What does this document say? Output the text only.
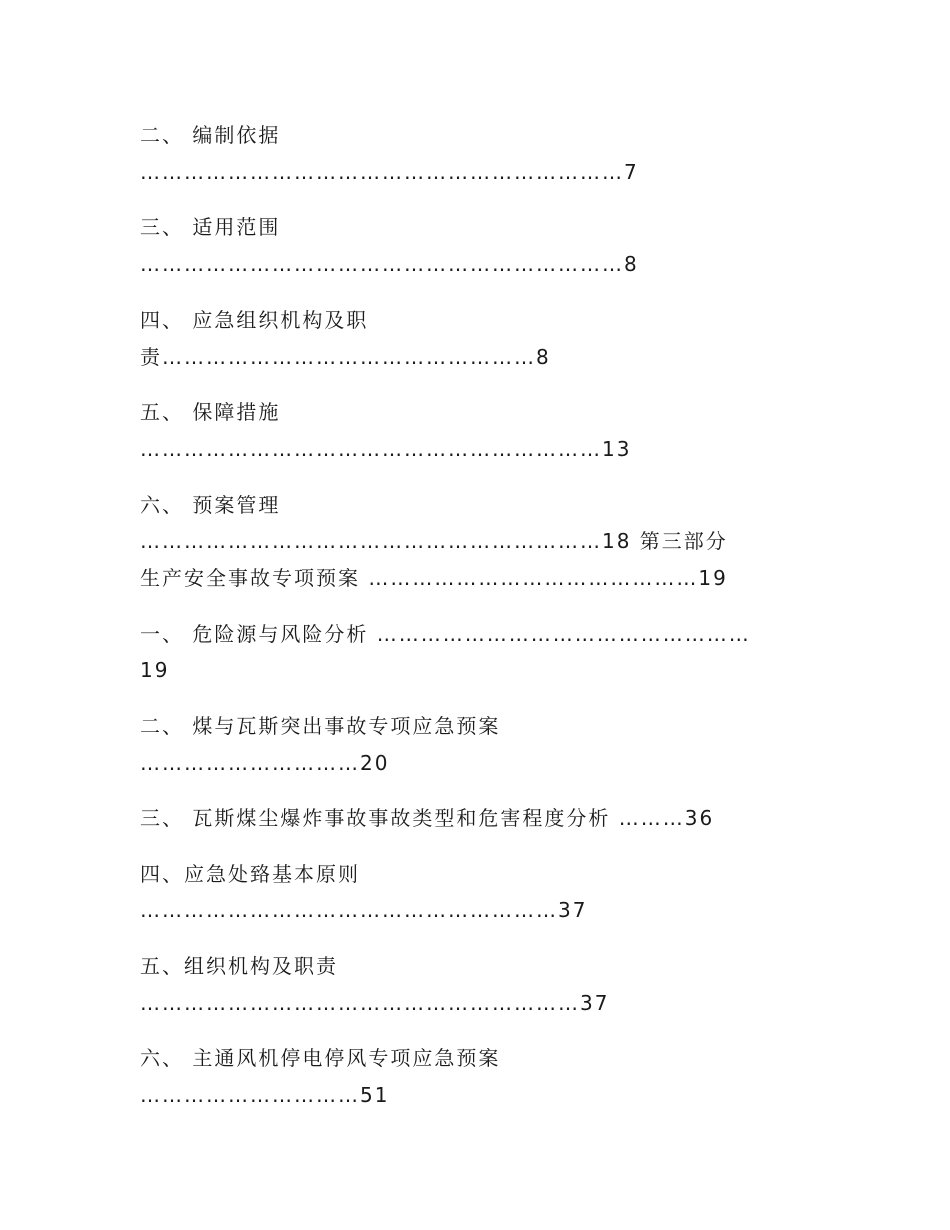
二、 编制依据
…………………………………………………………7
三、 适用范围
…………………………………………………………8
四、 应急组织机构及职
责……………………………………………8
五、 保障措施
………………………………………………………13
六、 预案管理
………………………………………………………18 第三部分
生产安全事故专项预案 ………………………………………19
一、 危险源与风险分析 ……………………………………………
19
二、 煤与瓦斯突出事故专项应急预案
…………………………20
三、 瓦斯煤尘爆炸事故事故类型和危害程度分析 ………36
四、应急处臵基本原则
…………………………………………………37
五、组织机构及职责
……………………………………………………37
六、 主通风机停电停风专项应急预案
…………………………51
